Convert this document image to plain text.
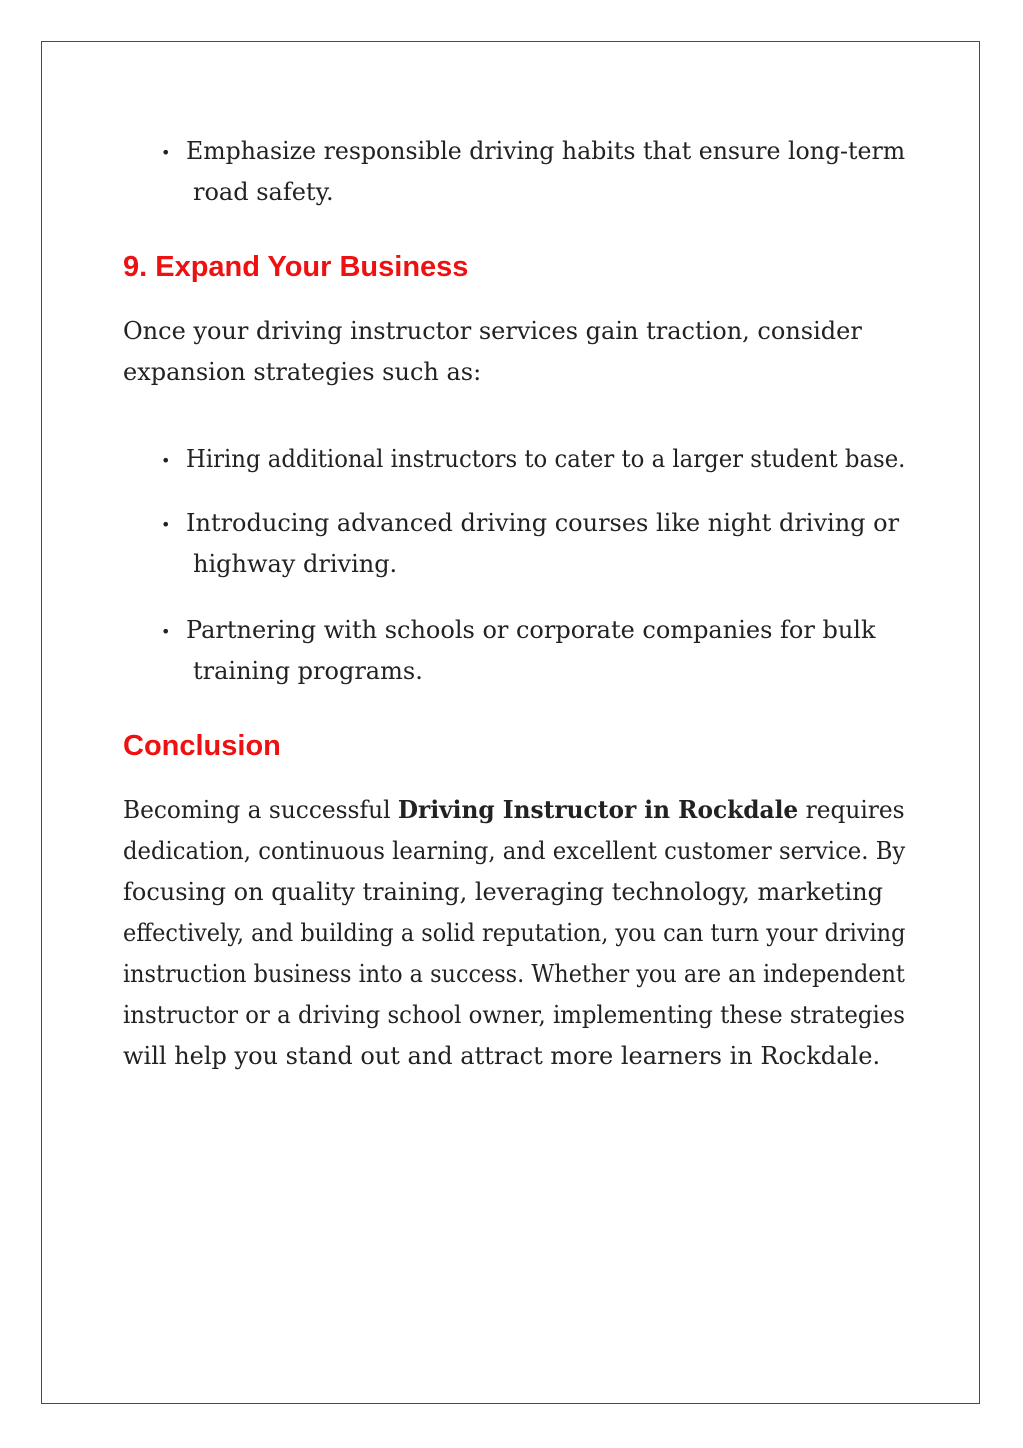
• Emphasize responsible driving habits that ensure long-term

road safety.

9. Expand Your Business

Once your driving instructor services gain traction, consider

expansion strategies such as:

• Hiring additional instructors to cater to a larger student base.

• Introducing advanced driving courses like night driving or

highway driving.

• Partnering with schools or corporate companies for bulk

training programs.

Conclusion

Becoming a successful Driving Instructor in Rockdale requires

dedication, continuous learning, and excellent customer service. By

focusing on quality training, leveraging technology, marketing

effectively, and building a solid reputation, you can turn your driving

instruction business into a success. Whether you are an independent

instructor or a driving school owner, implementing these strategies

will help you stand out and attract more learners in Rockdale.
